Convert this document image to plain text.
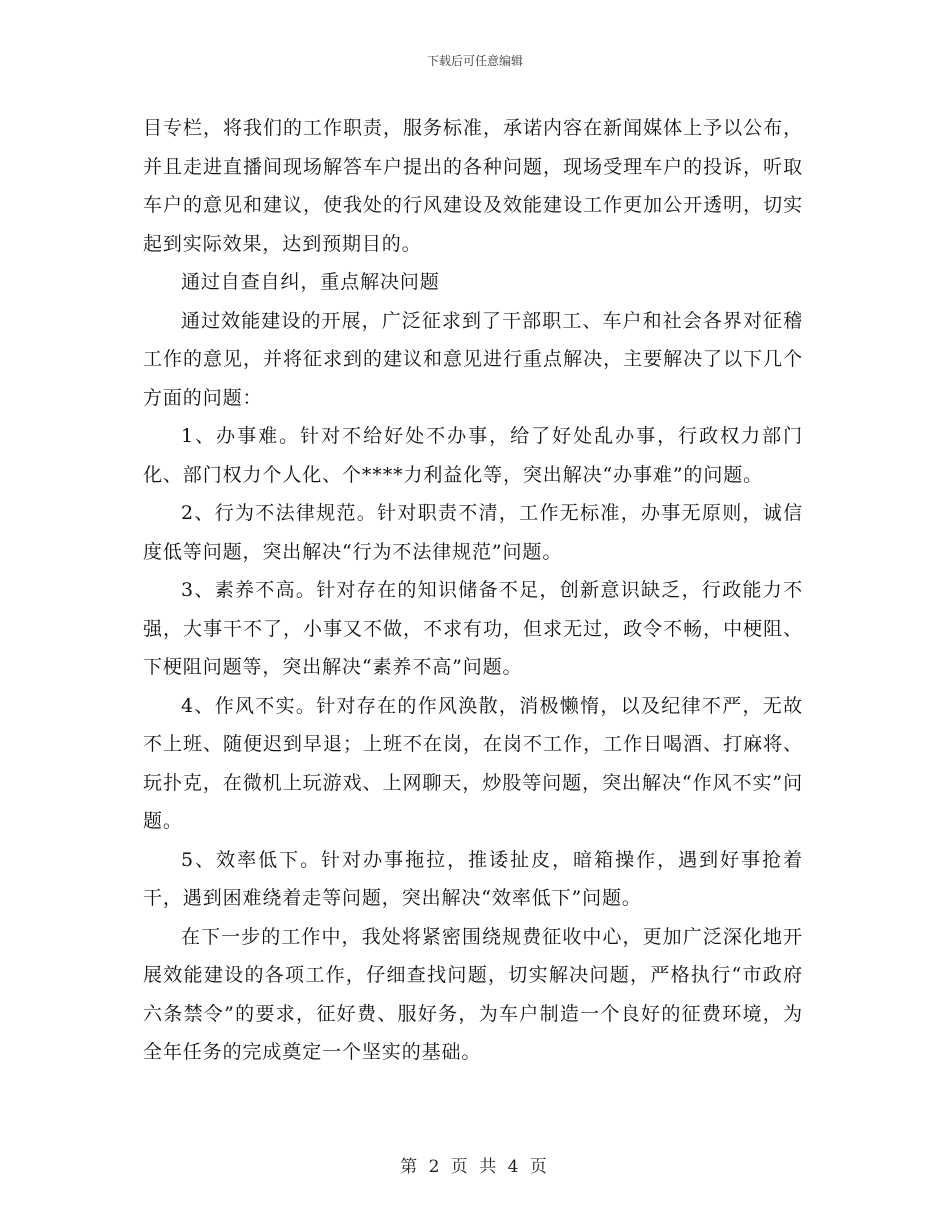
下载后可任意编辑

目专栏，将我们的工作职责，服务标准，承诺内容在新闻媒体上予以公布，并且走进直播间现场解答车户提出的各种问题，现场受理车户的投诉，听取车户的意见和建议，使我处的行风建设及效能建设工作更加公开透明，切实起到实际效果，达到预期目的。

通过自查自纠，重点解决问题

通过效能建设的开展，广泛征求到了干部职工、车户和社会各界对征稽工作的意见，并将征求到的建议和意见进行重点解决，主要解决了以下几个方面的问题：

1、办事难。针对不给好处不办事，给了好处乱办事，行政权力部门化、部门权力个人化、个****力利益化等，突出解决“办事难”的问题。

2、行为不法律规范。针对职责不清，工作无标准，办事无原则，诚信度低等问题，突出解决“行为不法律规范”问题。

3、素养不高。针对存在的知识储备不足，创新意识缺乏，行政能力不强，大事干不了，小事又不做，不求有功，但求无过，政令不畅，中梗阻、下梗阻问题等，突出解决“素养不高”问题。

4、作风不实。针对存在的作风涣散，消极懒惰，以及纪律不严，无故不上班、随便迟到早退；上班不在岗，在岗不工作，工作日喝酒、打麻将、玩扑克，在微机上玩游戏、上网聊天，炒股等问题，突出解决“作风不实”问题。

5、效率低下。针对办事拖拉，推诿扯皮，暗箱操作，遇到好事抢着干，遇到困难绕着走等问题，突出解决“效率低下”问题。

在下一步的工作中，我处将紧密围绕规费征收中心，更加广泛深化地开展效能建设的各项工作，仔细查找问题，切实解决问题，严格执行“市政府六条禁令”的要求，征好费、服好务，为车户制造一个良好的征费环境，为全年任务的完成奠定一个坚实的基础。

第 2 页 共 4 页
